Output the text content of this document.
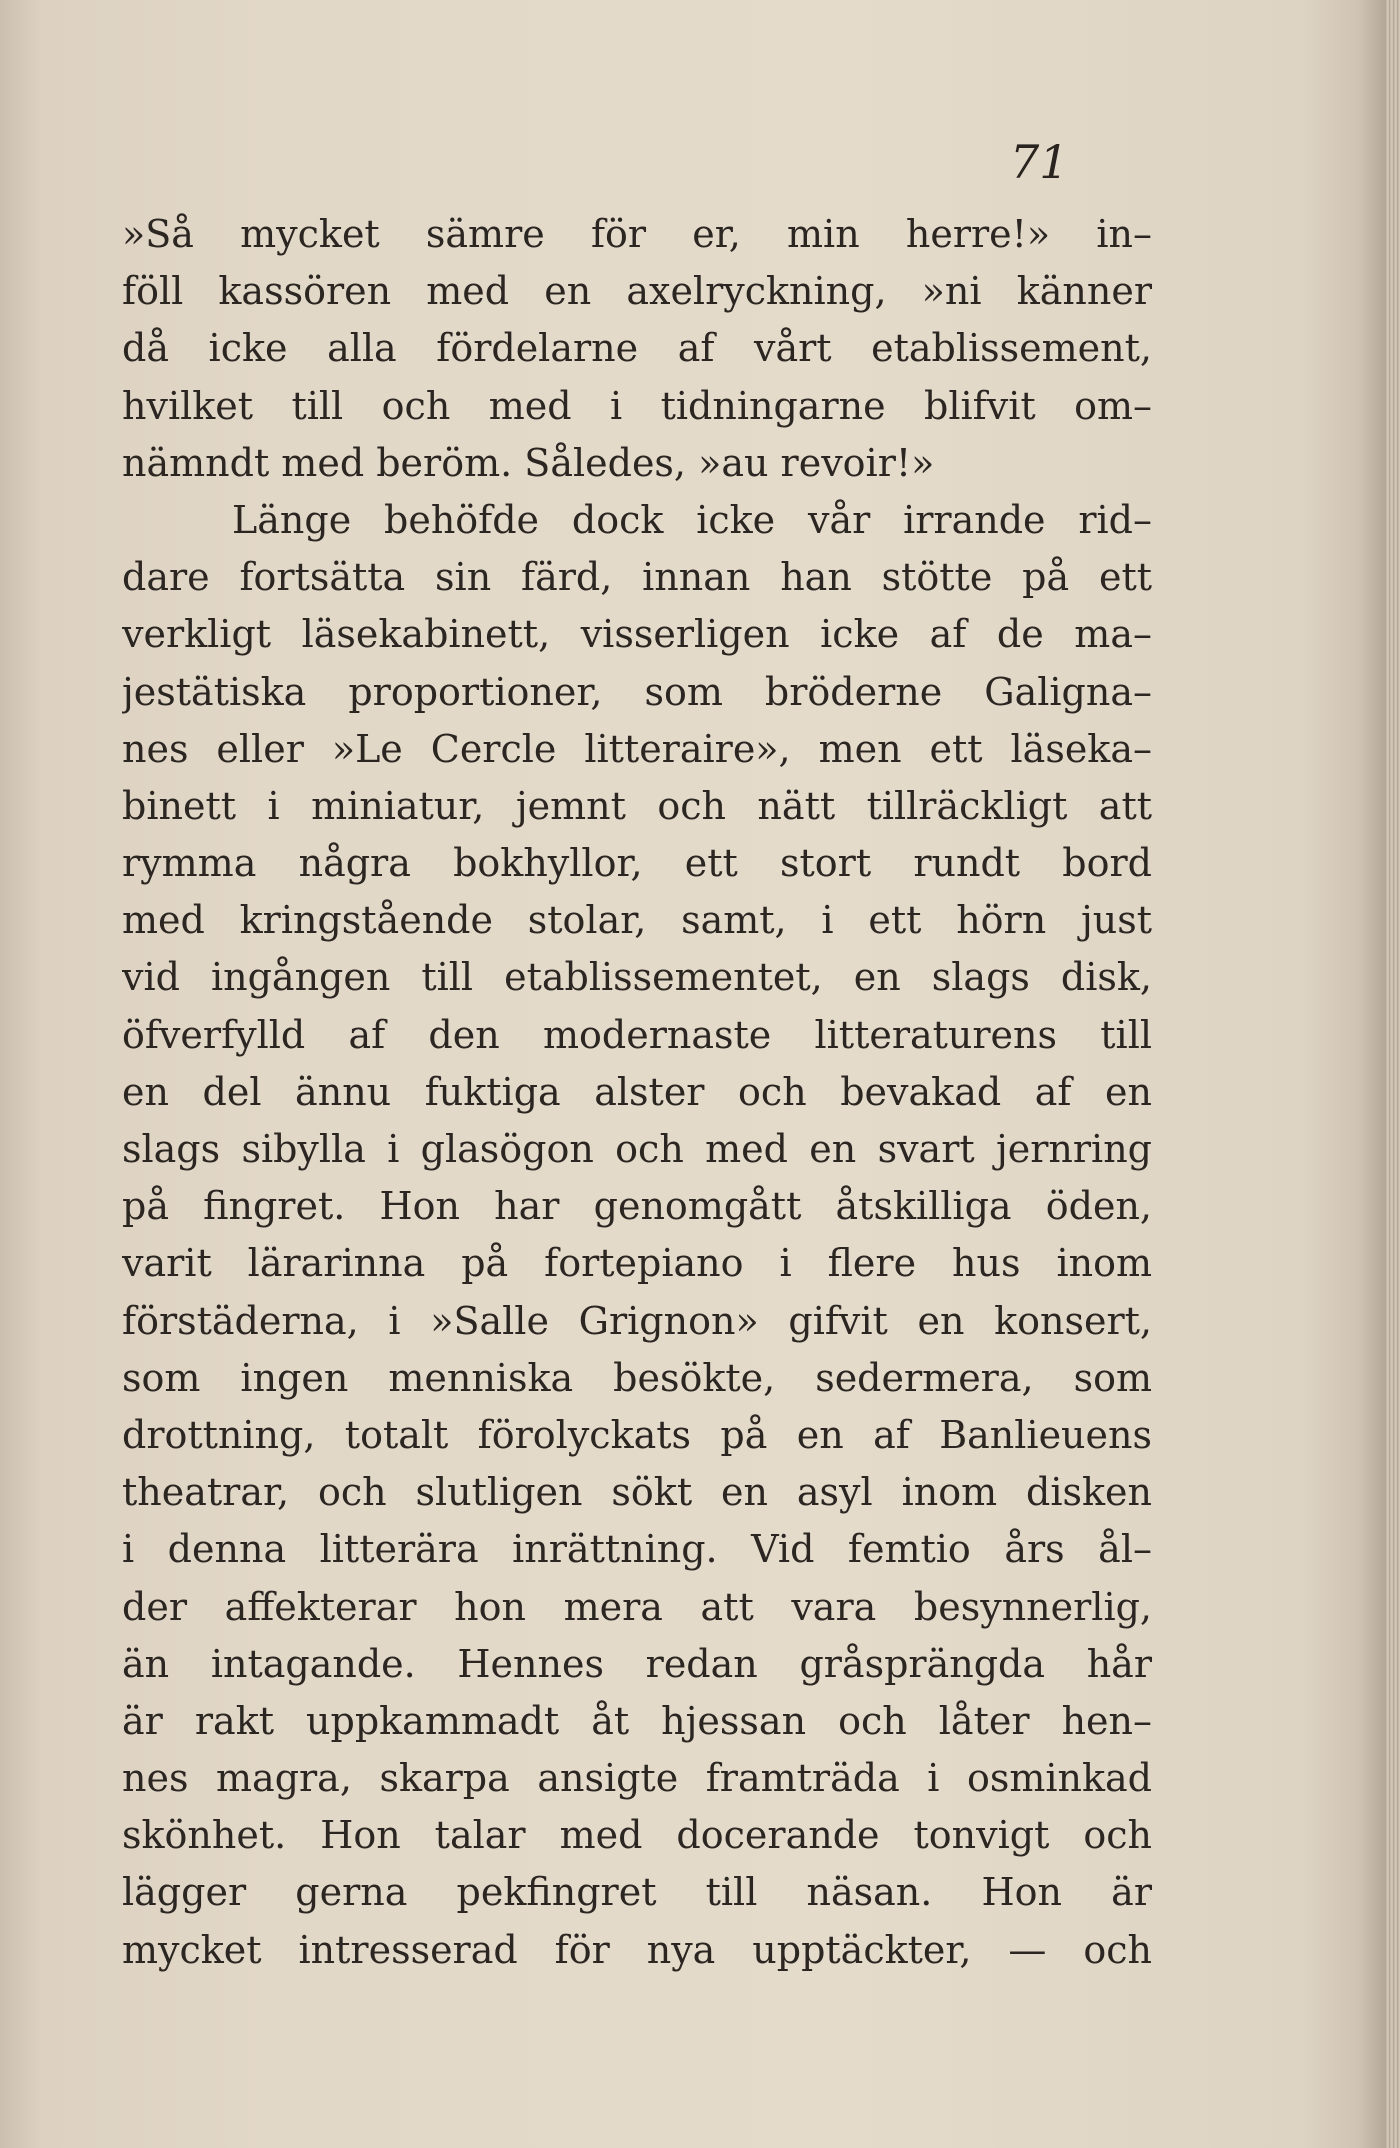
71
»Så mycket sämre för er, min herre!» in–
föll kassören med en axelryckning, »ni känner
då icke alla fördelarne af vårt etablissement,
hvilket till och med i tidningarne blifvit om–
nämndt med beröm. Således, »au revoir!»
Länge behöfde dock icke vår irrande rid–
dare fortsätta sin färd, innan han stötte på ett
verkligt läsekabinett, visserligen icke af de ma–
jestätiska proportioner, som bröderne Galigna–
nes eller »Le Cercle litteraire», men ett läseka–
binett i miniatur, jemnt och nätt tillräckligt att
rymma några bokhyllor, ett stort rundt bord
med kringstående stolar, samt, i ett hörn just
vid ingången till etablissementet, en slags disk,
öfverfylld af den modernaste litteraturens till
en del ännu fuktiga alster och bevakad af en
slags sibylla i glasögon och med en svart jernring
på fingret. Hon har genomgått åtskilliga öden,
varit lärarinna på fortepiano i flere hus inom
förstäderna, i »Salle Grignon» gifvit en konsert,
som ingen menniska besökte, sedermera, som
drottning, totalt förolyckats på en af Banlieuens
theatrar, och slutligen sökt en asyl inom disken
i denna litterära inrättning. Vid femtio års ål–
der affekterar hon mera att vara besynnerlig,
än intagande. Hennes redan gråsprängda hår
är rakt uppkammadt åt hjessan och låter hen–
nes magra, skarpa ansigte framträda i osminkad
skönhet. Hon talar med docerande tonvigt och
lägger gerna pekfingret till näsan. Hon är
mycket intresserad för nya upptäckter, — och
